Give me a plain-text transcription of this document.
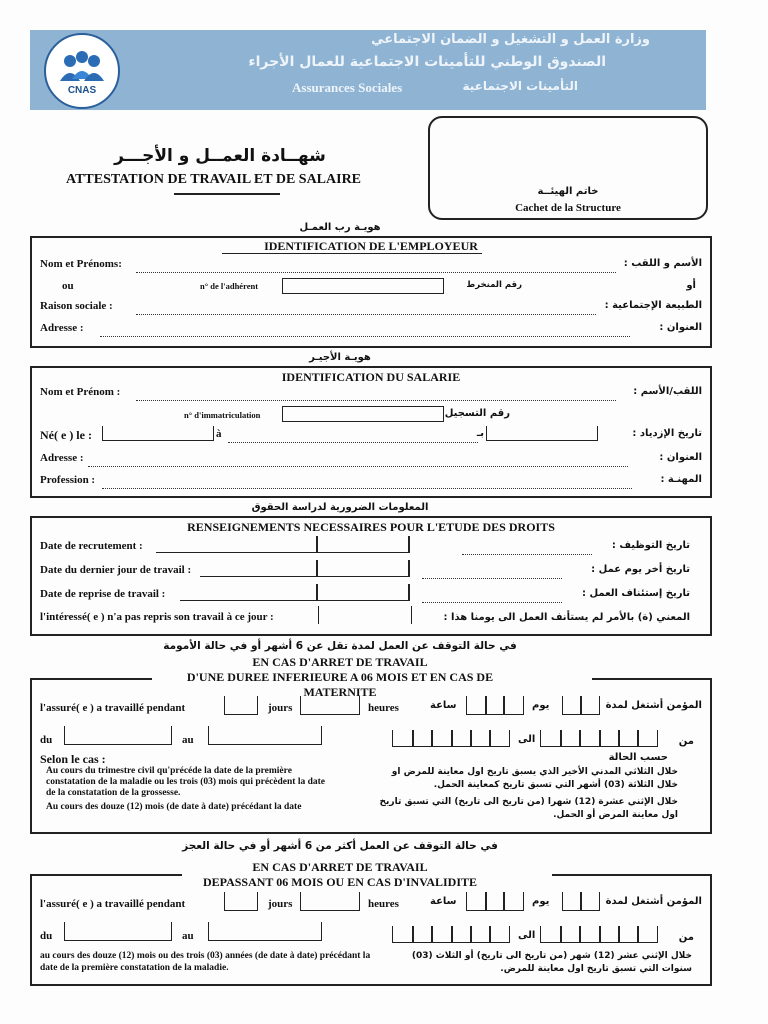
CNAS
وزارة العمل و التشغيل و الضمان الاجتماعي
الصندوق الوطني للتأمينات الاجتماعية للعمال الأجراء
Assurances Sociales	التأمينات الاجتماعية
شهــادة العمــل و الأجـــر
ATTESTATION DE TRAVAIL ET DE SALAIRE
خاتم الهيئــة
Cachet de la Structure
هويـة رب العمـل
IDENTIFICATION DE L'EMPLOYEUR
Nom et Prénoms:	الأسم و اللقب :
ou	n° de l'adhérent	رقم المنخرط	أو
Raison sociale :	الطبيعة الإجتماعية :
Adresse :	العنوان :
هويـة الأجيـر
IDENTIFICATION DU SALARIE
Nom et Prénom :	اللقب/الأسم :
n° d'immatriculation	رقم التسجيل
Né( e ) le :	à	بـ	تاريخ الإزدياد :
Adresse :	العنوان :
Profession :	المهنـة :
المعلومات الضرورية لدراسة الحقوق
RENSEIGNEMENTS NECESSAIRES POUR L'ETUDE DES DROITS
Date de recrutement :	تاريخ التوظيف :
Date du dernier jour de travail :	تاريخ أخر يوم عمل :
Date de reprise de travail :	تاريخ إستئناف العمل :
l'intéressé( e ) n'a pas repris son travail à ce jour :	المعني (ة) بالأمر لم يستأنف العمل الى يومنا هذا :
في حالة التوقف عن العمل لمدة تقل عن 6 أشهر أو في حالة الأمومة
EN CAS D'ARRET DE TRAVAIL
D'UNE DUREE INFERIEURE A 06 MOIS ET EN CAS DE
MATERNITE
l'assuré( e ) a travaillé pendant	jours	heures	ساعة	يوم	المؤمن أشتغل لمدة
du	au	الى	من
Selon le cas :	حسب الحالة
Au cours du trimestre civil qu'précéde la date de la première constatation de la maladie ou les trois (03) mois qui précèdent la date de la constatation de la grossesse.
Au cours des douze (12) mois (de date à date) précédant la date
خلال الثلاثي المدني الأخير الذي يسبق تاريخ اول معاينة للمرض او خلال الثلاثة (03) أشهر التي تسبق تاريخ كمعاينة الحمل.
خلال الإثني عشرة (12) شهرا (من تاريخ الى تاريخ) التي تسبق تاريخ اول معاينة المرض أو الحمل.
في حالة التوقف عن العمل أكثر من 6 أشهر أو في حالة العجز
EN CAS D'ARRET DE TRAVAIL
DEPASSANT 06 MOIS OU EN CAS D'INVALIDITE
l'assuré( e ) a travaillé pendant	jours	heures	ساعة	يوم	المؤمن أشتغل لمدة
du	au	الى	من
au cours des douze (12) mois ou des trois (03) années (de date à date) précédant la date de la première constatation de la maladie.
خلال الإثني عشر (12) شهر (من تاريخ الى تاريخ) أو الثلاث (03) سنوات التي تسبق تاريخ اول معاينة للمرض.
